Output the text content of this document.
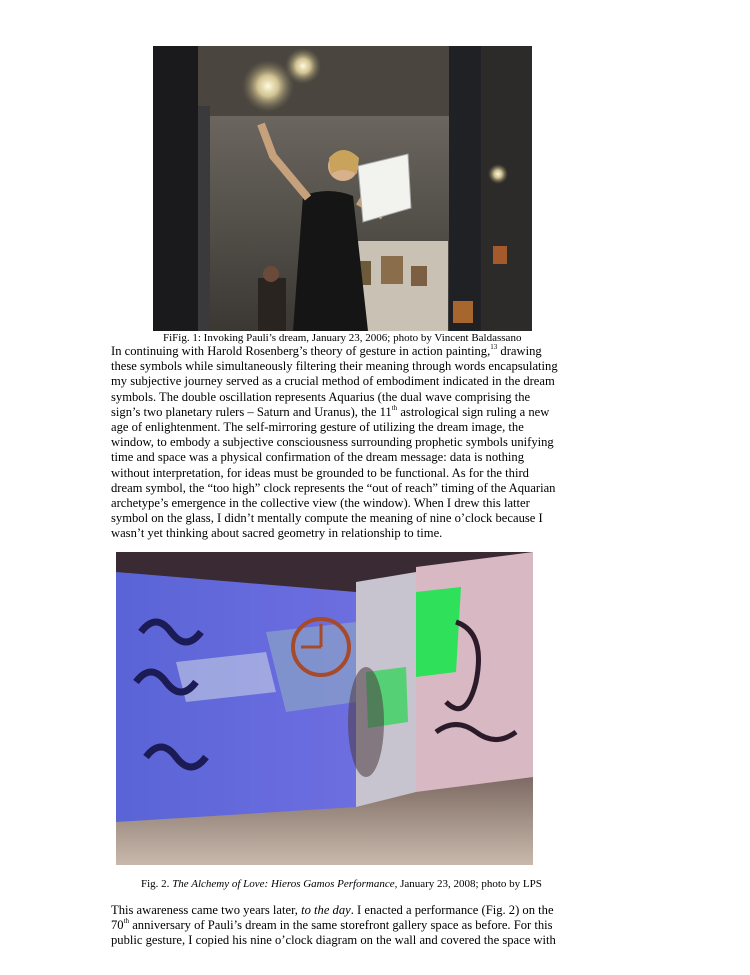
FiFig. 1: Invoking Pauli’s dream, January 23, 2006; photo by Vincent Baldassano
In continuing with Harold Rosenberg’s theory of gesture in action painting,$^{13}$ drawing
these symbols while simultaneously filtering their meaning through words encapsulating
my subjective journey served as a crucial method of embodiment indicated in the dream
symbols. The double oscillation represents Aquarius (the dual wave comprising the
sign’s two planetary rulers – Saturn and Uranus), the 11th astrological sign ruling a new
age of enlightenment. The self-mirroring gesture of utilizing the dream image, the
window, to embody a subjective consciousness surrounding prophetic symbols unifying
time and space was a physical confirmation of the dream message: data is nothing
without interpretation, for ideas must be grounded to be functional. As for the third
dream symbol, the “too high” clock represents the “out of reach” timing of the Aquarian
archetype’s emergence in the collective view (the window). When I drew this latter
symbol on the glass, I didn’t mentally compute the meaning of nine o’clock because I
wasn’t yet thinking about sacred geometry in relationship to time.
Fig. 2. The Alchemy of Love: Hieros Gamos Performance, January 23, 2008; photo by LPS
This awareness came two years later, to the day. I enacted a performance (Fig. 2) on the
70th anniversary of Pauli’s dream in the same storefront gallery space as before. For this
public gesture, I copied his nine o’clock diagram on the wall and covered the space with
